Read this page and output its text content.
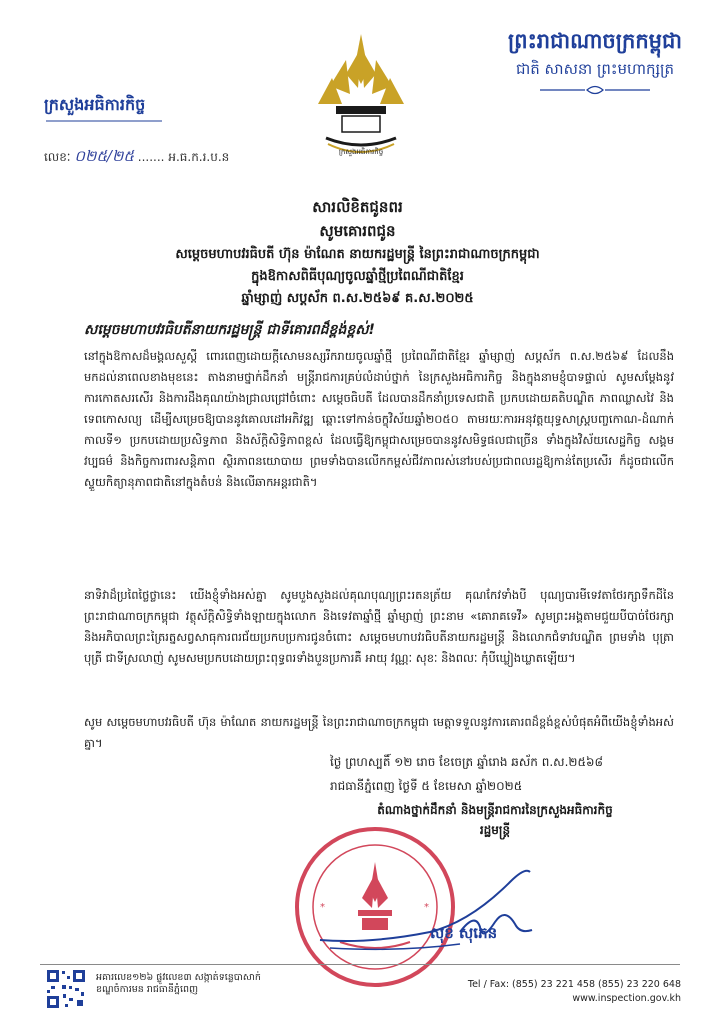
ព្រះរាជាណាចក្រកម្ពុជា
ជាតិ សាសនា ព្រះមហាក្សត្រ
ក្រសួងអធិការកិច្ច
ក្រសួងអធិការកិច្ច
លេខៈ ០២៥/២៥ ....... អ.ធ.ក.រ.ប.ន
សារលិខិតជូនពរ
សូមគោរពជូន
សម្តេចមហាបវរធិបតី ហ៊ុន ម៉ាណែត នាយករដ្ឋមន្ត្រី នៃព្រះរាជាណាចក្រកម្ពុជា
ក្នុងឱកាសពិធីបុណ្យចូលឆ្នាំថ្មីប្រពៃណីជាតិខ្មែរ
ឆ្នាំម្សាញ់ សប្តស័ក ព.ស.២៥៦៩ គ.ស.២០២៥
សម្តេចមហាបវរធិបតីនាយករដ្ឋមន្ត្រី ជាទីគោរពដ៏ខ្ពង់ខ្ពស់!
នៅក្នុងឱកាសដ៏មង្គលសួស្តី ពោរពេញដោយក្តីសោមនស្សរីករាយចូលឆ្នាំថ្មី ប្រពៃណីជាតិខ្មែរ ឆ្នាំម្សាញ់ សប្តស័ក ព.ស.២៥៦៩ ដែលនឹងមកដល់នាពេលខាងមុខនេះ តាងនាមថ្នាក់ដឹកនាំ មន្ត្រីរាជការគ្រប់លំដាប់ថ្នាក់ នៃក្រសួងអធិការកិច្ច និងក្នុងនាមខ្ញុំបាទផ្ទាល់ សូមសម្តែងនូវការកោតសរសើរ និងការដឹងគុណយ៉ាងជ្រាលជ្រៅចំពោះ សម្តេចធិបតី ដែលបានដឹកនាំប្រទេសជាតិ ប្រកបដោយគតិបណ្ឌិត ភាពឈ្លាសវៃ និងទេពកោសល្យ ដើម្បីសម្រេចឱ្យបាននូវគោលដៅអភិវឌ្ឍ ឆ្ពោះទៅកាន់ចក្ខុវិស័យឆ្នាំ២០៥០ តាមរយៈការអនុវត្តយុទ្ធសាស្ត្របញ្ចកោណ-ដំណាក់កាលទី១ ប្រកបដោយប្រសិទ្ធភាព និងស័ក្តិសិទ្ធិភាពខ្ពស់ ដែលធ្វើឱ្យកម្ពុជាសម្រេចបាននូវសមិទ្ធផលជាច្រើន ទាំងក្នុងវិស័យសេដ្ឋកិច្ច សង្គម វប្បធម៌ និងកិច្ចការពារសន្តិភាព ស្ថិរភាពនយោបាយ ព្រមទាំងបានលើកកម្ពស់ជីវភាពរស់នៅរបស់ប្រជាពលរដ្ឋឱ្យកាន់តែប្រសើរ ក៏ដូចជាលើកស្ទួយកិត្យានុភាពជាតិនៅក្នុងតំបន់ និងលើឆាកអន្តរជាតិ។
នាទិវាដ៏ប្រពៃថ្លៃថ្លានេះ យើងខ្ញុំទាំងអស់គ្នា សូមបួងសួងដល់គុណបុណ្យព្រះរតនត្រ័យ គុណកែវទាំងបី បុណ្យបារមីទេវតាថែរក្សាទឹកដីនៃព្រះរាជាណាចក្រកម្ពុជា វត្ថុស័ក្តិសិទ្ធិទាំងឡាយក្នុងលោក និងទេវតាឆ្នាំថ្មី ឆ្នាំម្សាញ់ ព្រះនាម «គោរាគទេវី» សូមព្រះអង្គតាមជួយបីបាច់ថែរក្សា និងអភិបាលព្រះត្រៃរត្នសព្វសាធុការពរជ័យប្រកបប្រការជូនចំពោះ សម្តេចមហាបវរធិបតីនាយករដ្ឋមន្ត្រី និងលោកជំទាវបណ្ឌិត ព្រមទាំង បុត្រា បុត្រី ជាទីស្រលាញ់ សូមសមប្រកបដោយព្រះពុទ្ធពរទាំងបួនប្រការគឺ អាយុ វណ្ណៈ សុខៈ និងពលៈ កុំបីឃ្លៀងឃ្លាតឡើយ។
សូម សម្តេចមហាបវរធិបតី ហ៊ុន ម៉ាណែត នាយករដ្ឋមន្ត្រី នៃព្រះរាជាណាចក្រកម្ពុជា មេត្តាទទួលនូវការគោរពដ៏ខ្ពង់ខ្ពស់បំផុតអំពីយើងខ្ញុំទាំងអស់គ្នា។
ថ្ងៃ ព្រហស្បតិ៍ ១២ រោច ខែចេត្រ ឆ្នាំរោង ឆស័ក ព.ស.២៥៦៨
រាជធានីភ្នំពេញ ថ្ងៃទី ៥ ខែមេសា ឆ្នាំ២០២៥
តំណាងថ្នាក់ដឹកនាំ និងមន្ត្រីរាជការនៃក្រសួងអធិការកិច្ច
រដ្ឋមន្ត្រី
*	*
សុខ សុភេន
អគារលេខ១២៦ ផ្លូវលេខ៣ សង្កាត់ទន្លេបាសាក់
ខណ្ឌចំការមន រាជធានីភ្នំពេញ	Tel / Fax: (855) 23 221 458 (855) 23 220 648
www.inspection.gov.kh
